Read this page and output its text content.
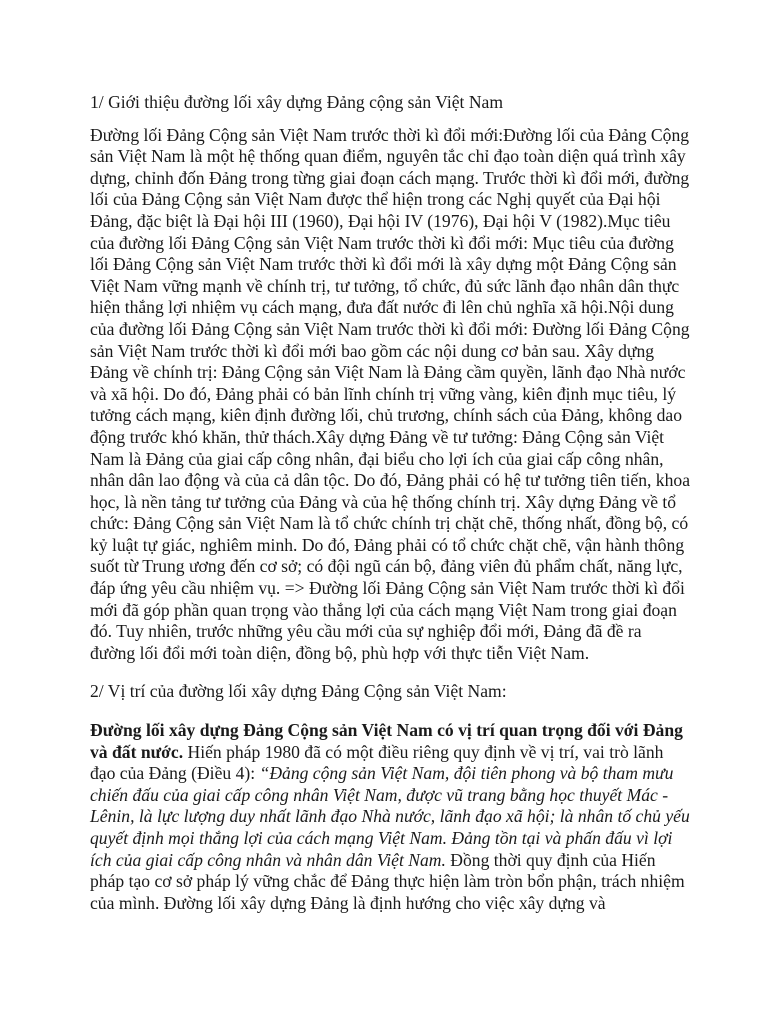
1/ Giới thiệu đường lối xây dựng Đảng cộng sản Việt Nam

Đường lối Đảng Cộng sản Việt Nam trước thời kì đổi mới:Đường lối của Đảng Cộng sản Việt Nam là một hệ thống quan điểm, nguyên tắc chỉ đạo toàn diện quá trình xây dựng, chỉnh đốn Đảng trong từng giai đoạn cách mạng. Trước thời kì đổi mới, đường lối của Đảng Cộng sản Việt Nam được thể hiện trong các Nghị quyết của Đại hội Đảng, đặc biệt là Đại hội III (1960), Đại hội IV (1976), Đại hội V (1982).Mục tiêu của đường lối Đảng Cộng sản Việt Nam trước thời kì đổi mới: Mục tiêu của đường lối Đảng Cộng sản Việt Nam trước thời kì đổi mới là xây dựng một Đảng Cộng sản Việt Nam vững mạnh về chính trị, tư tưởng, tổ chức, đủ sức lãnh đạo nhân dân thực hiện thắng lợi nhiệm vụ cách mạng, đưa đất nước đi lên chủ nghĩa xã hội.Nội dung của đường lối Đảng Cộng sản Việt Nam trước thời kì đổi mới: Đường lối Đảng Cộng sản Việt Nam trước thời kì đổi mới bao gồm các nội dung cơ bản sau. Xây dựng Đảng về chính trị: Đảng Cộng sản Việt Nam là Đảng cầm quyền, lãnh đạo Nhà nước và xã hội. Do đó, Đảng phải có bản lĩnh chính trị vững vàng, kiên định mục tiêu, lý tưởng cách mạng, kiên định đường lối, chủ trương, chính sách của Đảng, không dao động trước khó khăn, thử thách.Xây dựng Đảng về tư tưởng: Đảng Cộng sản Việt Nam là Đảng của giai cấp công nhân, đại biểu cho lợi ích của giai cấp công nhân, nhân dân lao động và của cả dân tộc. Do đó, Đảng phải có hệ tư tưởng tiên tiến, khoa học, là nền tảng tư tưởng của Đảng và của hệ thống chính trị. Xây dựng Đảng về tổ chức: Đảng Cộng sản Việt Nam là tổ chức chính trị chặt chẽ, thống nhất, đồng bộ, có kỷ luật tự giác, nghiêm minh. Do đó, Đảng phải có tổ chức chặt chẽ, vận hành thông suốt từ Trung ương đến cơ sở; có đội ngũ cán bộ, đảng viên đủ phẩm chất, năng lực, đáp ứng yêu cầu nhiệm vụ. => Đường lối Đảng Cộng sản Việt Nam trước thời kì đổi mới đã góp phần quan trọng vào thắng lợi của cách mạng Việt Nam trong giai đoạn đó. Tuy nhiên, trước những yêu cầu mới của sự nghiệp đổi mới, Đảng đã đề ra đường lối đổi mới toàn diện, đồng bộ, phù hợp với thực tiễn Việt Nam.

2/ Vị trí của đường lối xây dựng Đảng Cộng sản Việt Nam:

Đường lối xây dựng Đảng Cộng sản Việt Nam có vị trí quan trọng đối với Đảng và đất nước. Hiến pháp 1980 đã có một điều riêng quy định về vị trí, vai trò lãnh đạo của Đảng (Điều 4): “Đảng cộng sản Việt Nam, đội tiên phong và bộ tham mưu chiến đấu của giai cấp công nhân Việt Nam, được vũ trang bằng học thuyết Mác - Lênin, là lực lượng duy nhất lãnh đạo Nhà nước, lãnh đạo xã hội; là nhân tố chủ yếu quyết định mọi thắng lợi của cách mạng Việt Nam. Đảng tồn tại và phấn đấu vì lợi ích của giai cấp công nhân và nhân dân Việt Nam. Đồng thời quy định của Hiến pháp tạo cơ sở pháp lý vững chắc để Đảng thực hiện làm tròn bổn phận, trách nhiệm của mình. Đường lối xây dựng Đảng là định hướng cho việc xây dựng và
